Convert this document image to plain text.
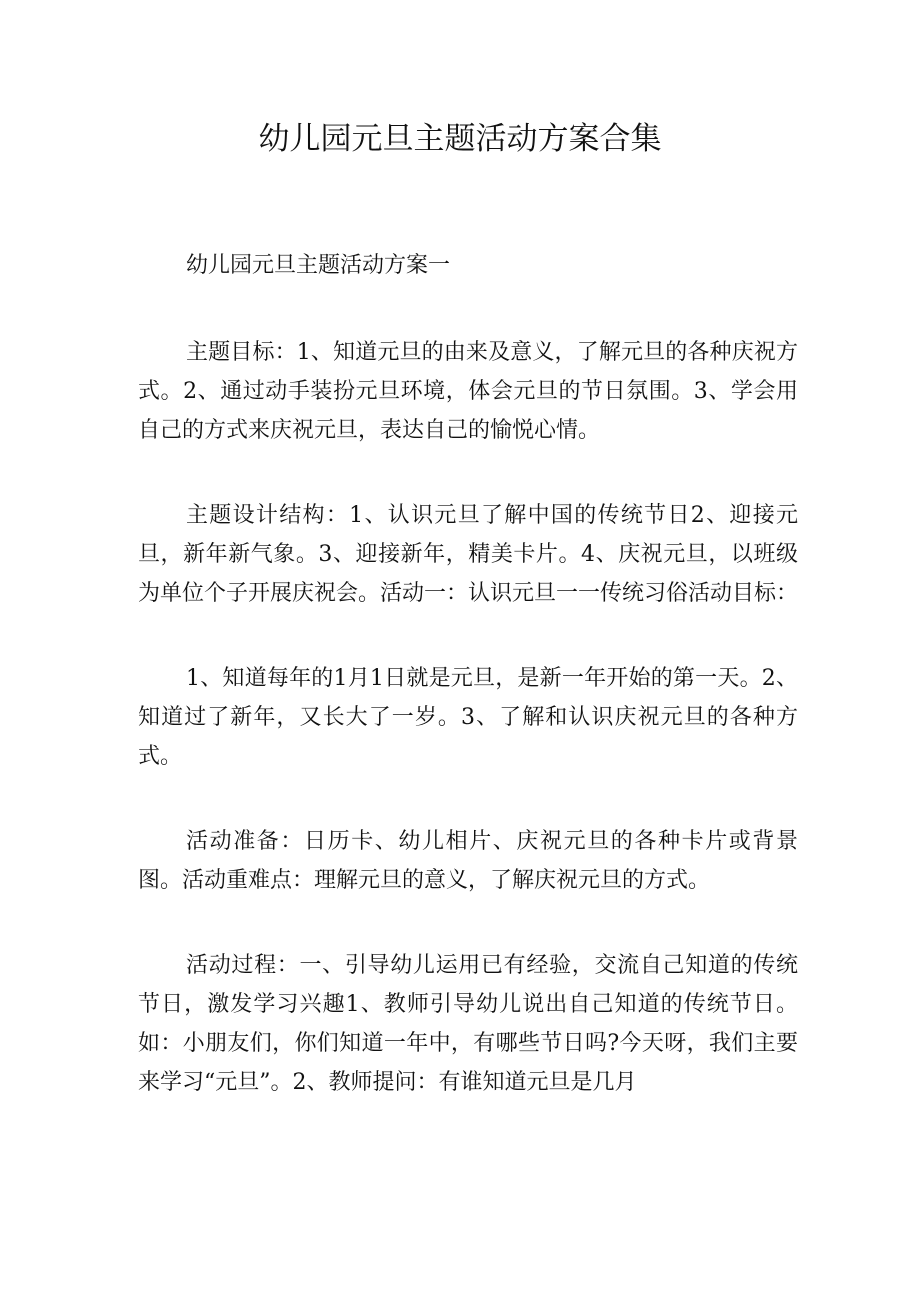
幼儿园元旦主题活动方案合集

幼儿园元旦主题活动方案一

主题目标：1、知道元旦的由来及意义，了解元旦的各种庆祝方式。2、通过动手装扮元旦环境，体会元旦的节日氛围。3、学会用自己的方式来庆祝元旦，表达自己的愉悦心情。

主题设计结构：1、认识元旦了解中国的传统节日2、迎接元旦，新年新气象。3、迎接新年，精美卡片。4、庆祝元旦，以班级为单位个子开展庆祝会。活动一：认识元旦一一传统习俗活动目标：

1、知道每年的1月1日就是元旦，是新一年开始的第一天。2、知道过了新年，又长大了一岁。3、了解和认识庆祝元旦的各种方式。

活动准备：日历卡、幼儿相片、庆祝元旦的各种卡片或背景图。活动重难点：理解元旦的意义，了解庆祝元旦的方式。

活动过程：一、引导幼儿运用已有经验，交流自己知道的传统节日，激发学习兴趣1、教师引导幼儿说出自己知道的传统节日。如：小朋友们，你们知道一年中，有哪些节日吗?今天呀，我们主要来学习“元旦”。2、教师提问：有谁知道元旦是几月
